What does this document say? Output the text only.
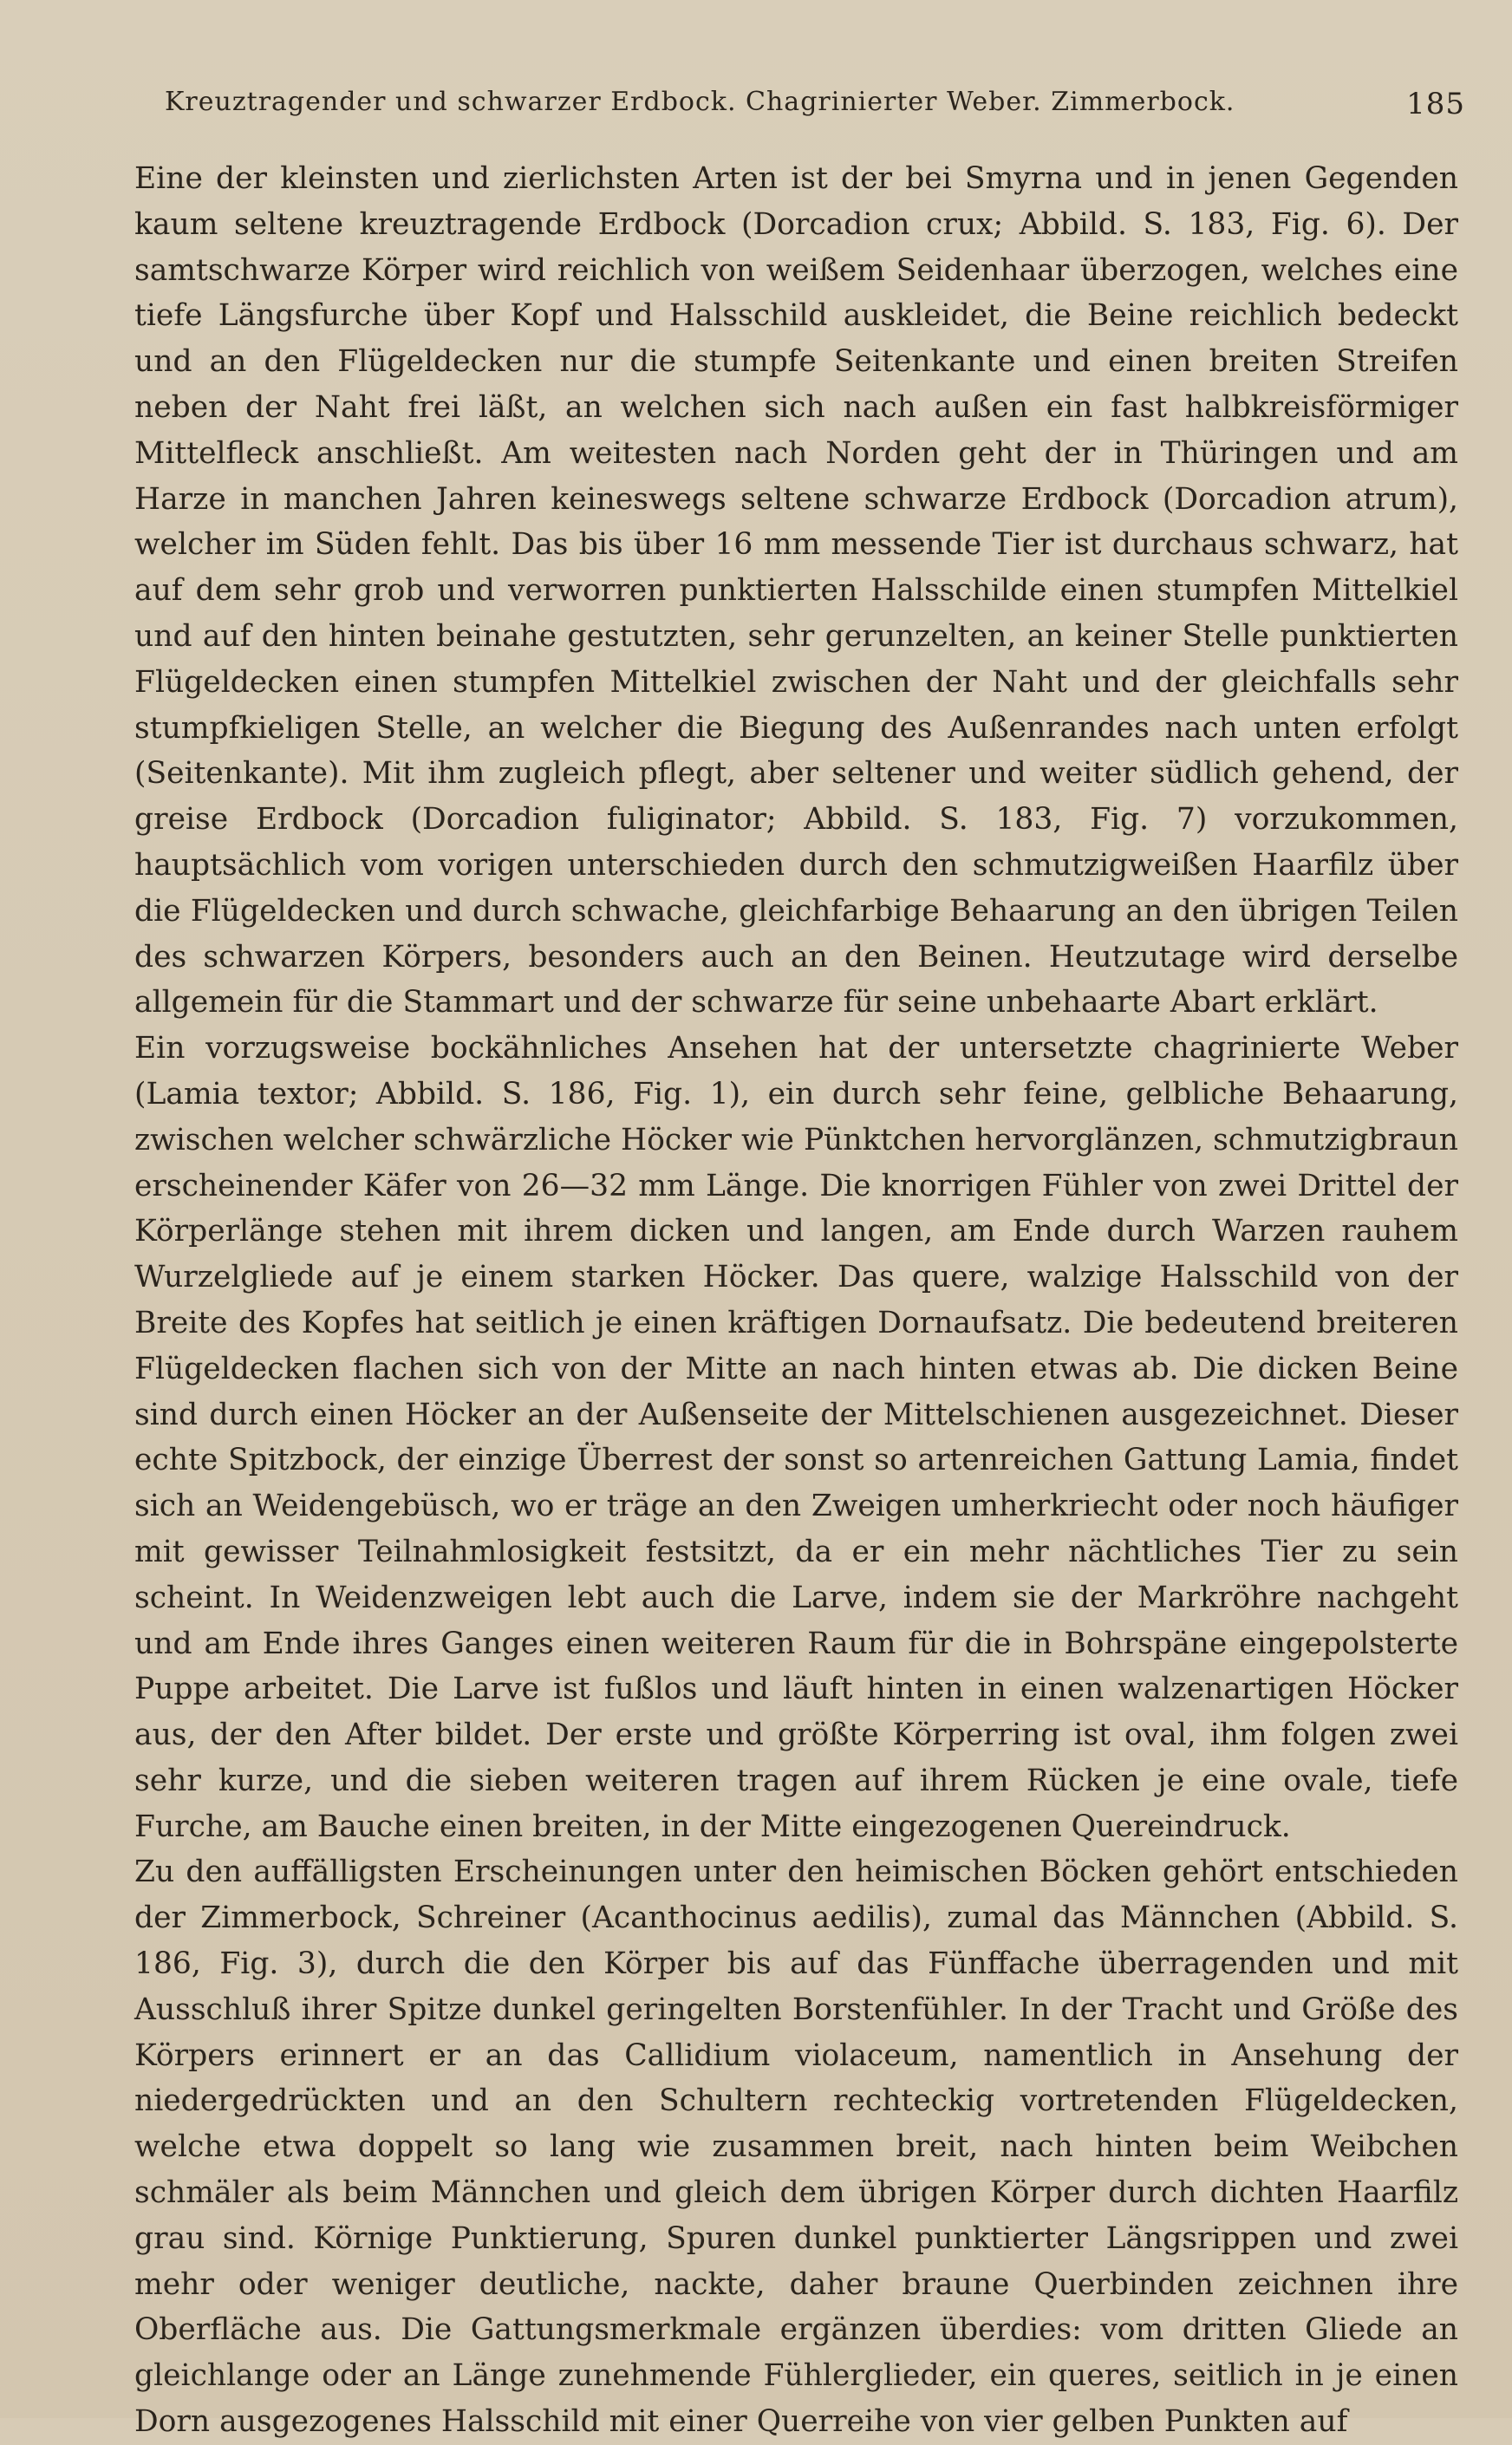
Kreuztragender und schwarzer Erdbock. Chagrinierter Weber. Zimmerbock.	185

Eine der kleinsten und zierlichsten Arten ist der bei Smyrna und in jenen Gegenden kaum seltene kreuztragende Erdbock (Dorcadion crux; Abbild. S. 183, Fig. 6). Der samtschwarze Körper wird reichlich von weißem Seidenhaar überzogen, welches eine tiefe Längsfurche über Kopf und Halsschild auskleidet, die Beine reichlich bedeckt und an den Flügeldecken nur die stumpfe Seitenkante und einen breiten Streifen neben der Naht frei läßt, an welchen sich nach außen ein fast halbkreisförmiger Mittelfleck anschließt. Am weitesten nach Norden geht der in Thüringen und am Harze in manchen Jahren keineswegs seltene schwarze Erdbock (Dorcadion atrum), welcher im Süden fehlt. Das bis über 16 mm messende Tier ist durchaus schwarz, hat auf dem sehr grob und verworren punktierten Halsschilde einen stumpfen Mittelkiel und auf den hinten beinahe gestutzten, sehr gerunzelten, an keiner Stelle punktierten Flügeldecken einen stumpfen Mittelkiel zwischen der Naht und der gleichfalls sehr stumpfkieligen Stelle, an welcher die Biegung des Außenrandes nach unten erfolgt (Seitenkante). Mit ihm zugleich pflegt, aber seltener und weiter südlich gehend, der greise Erdbock (Dorcadion fuliginator; Abbild. S. 183, Fig. 7) vorzukommen, hauptsächlich vom vorigen unterschieden durch den schmutzigweißen Haarfilz über die Flügeldecken und durch schwache, gleichfarbige Behaarung an den übrigen Teilen des schwarzen Körpers, besonders auch an den Beinen. Heutzutage wird derselbe allgemein für die Stammart und der schwarze für seine unbehaarte Abart erklärt.

Ein vorzugsweise bockähnliches Ansehen hat der untersetzte chagrinierte Weber (Lamia textor; Abbild. S. 186, Fig. 1), ein durch sehr feine, gelbliche Behaarung, zwischen welcher schwärzliche Höcker wie Pünktchen hervorglänzen, schmutzigbraun erscheinender Käfer von 26—32 mm Länge. Die knorrigen Fühler von zwei Drittel der Körperlänge stehen mit ihrem dicken und langen, am Ende durch Warzen rauhem Wurzelgliede auf je einem starken Höcker. Das quere, walzige Halsschild von der Breite des Kopfes hat seitlich je einen kräftigen Dornaufsatz. Die bedeutend breiteren Flügeldecken flachen sich von der Mitte an nach hinten etwas ab. Die dicken Beine sind durch einen Höcker an der Außenseite der Mittelschienen ausgezeichnet. Dieser echte Spitzbock, der einzige Überrest der sonst so artenreichen Gattung Lamia, findet sich an Weidengebüsch, wo er träge an den Zweigen umherkriecht oder noch häufiger mit gewisser Teilnahmlosigkeit festsitzt, da er ein mehr nächtliches Tier zu sein scheint. In Weidenzweigen lebt auch die Larve, indem sie der Markröhre nachgeht und am Ende ihres Ganges einen weiteren Raum für die in Bohrspäne eingepolsterte Puppe arbeitet. Die Larve ist fußlos und läuft hinten in einen walzenartigen Höcker aus, der den After bildet. Der erste und größte Körperring ist oval, ihm folgen zwei sehr kurze, und die sieben weiteren tragen auf ihrem Rücken je eine ovale, tiefe Furche, am Bauche einen breiten, in der Mitte eingezogenen Quereindruck.

Zu den auffälligsten Erscheinungen unter den heimischen Böcken gehört entschieden der Zimmerbock, Schreiner (Acanthocinus aedilis), zumal das Männchen (Abbild. S. 186, Fig. 3), durch die den Körper bis auf das Fünffache überragenden und mit Ausschluß ihrer Spitze dunkel geringelten Borstenfühler. In der Tracht und Größe des Körpers erinnert er an das Callidium violaceum, namentlich in Ansehung der niedergedrückten und an den Schultern rechteckig vortretenden Flügeldecken, welche etwa doppelt so lang wie zusammen breit, nach hinten beim Weibchen schmäler als beim Männchen und gleich dem übrigen Körper durch dichten Haarfilz grau sind. Körnige Punktierung, Spuren dunkel punktierter Längsrippen und zwei mehr oder weniger deutliche, nackte, daher braune Querbinden zeichnen ihre Oberfläche aus. Die Gattungsmerkmale ergänzen überdies: vom dritten Gliede an gleichlange oder an Länge zunehmende Fühlerglieder, ein queres, seitlich in je einen Dorn ausgezogenes Halsschild mit einer Querreihe von vier gelben Punkten auf
